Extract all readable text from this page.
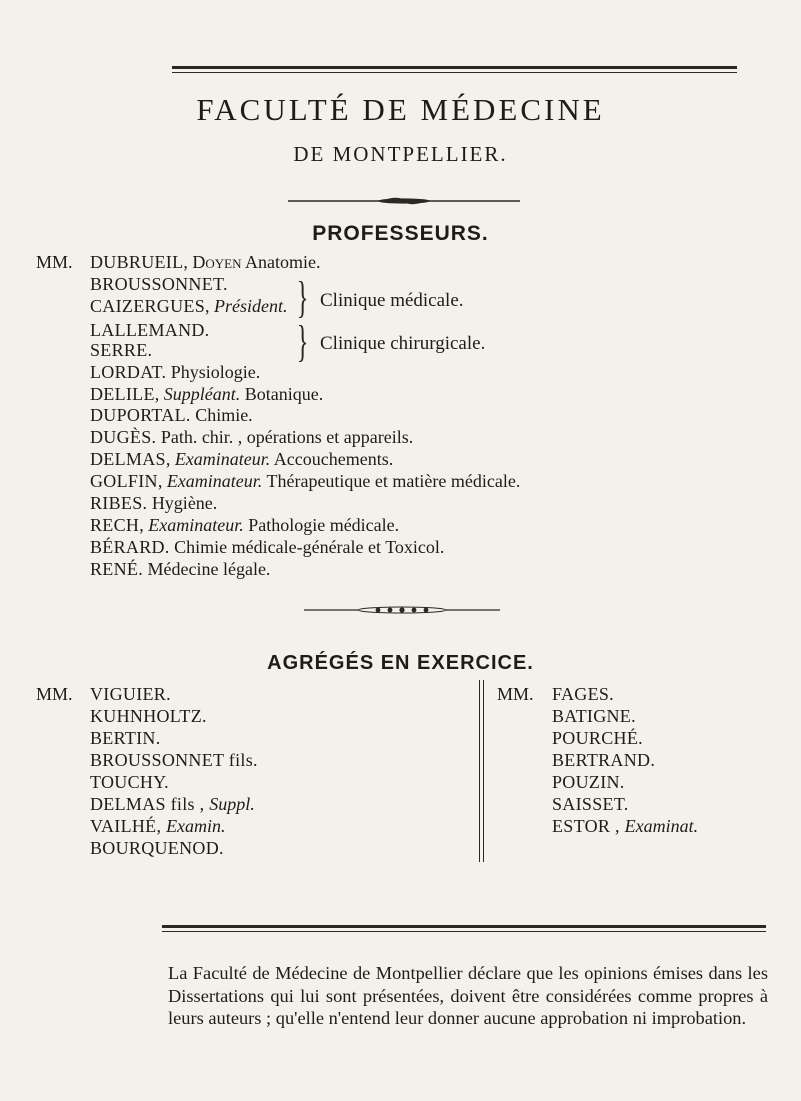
FACULTÉ DE MÉDECINE
DE MONTPELLIER.
PROFESSEURS.
MM. DUBRUEIL, Doyen Anatomie.
BROUSSONNET.
CAIZERGUES, Président.
LALLEMAND.
SERRE.
LORDAT. Physiologie.
DELILE, Suppléant. Botanique.
DUPORTAL. Chimie.
DUGÈS. Path. chir. , opérations et appareils.
DELMAS, Examinateur. Accouchements.
GOLFIN, Examinateur. Thérapeutique et matière médicale.
RIBES. Hygiène.
RECH, Examinateur. Pathologie médicale.
BÉRARD. Chimie médicale-générale et Toxicol.
RENÉ. Médecine légale.
} Clinique médicale.
} Clinique chirurgicale.
AGRÉGÉS EN EXERCICE.
MM. VIGUIER.
KUHNHOLTZ.
BERTIN.
BROUSSONNET fils.
TOUCHY.
DELMAS fils , Suppl.
VAILHÉ, Examin.
BOURQUENOD.
MM. FAGES.
BATIGNE.
POURCHÉ.
BERTRAND.
POUZIN.
SAISSET.
ESTOR , Examinat.
La Faculté de Médecine de Montpellier déclare que les opinions émises dans les Dissertations qui lui sont présentées, doivent être considérées comme propres à leurs auteurs ; qu'elle n'entend leur donner aucune approbation ni improbation.
